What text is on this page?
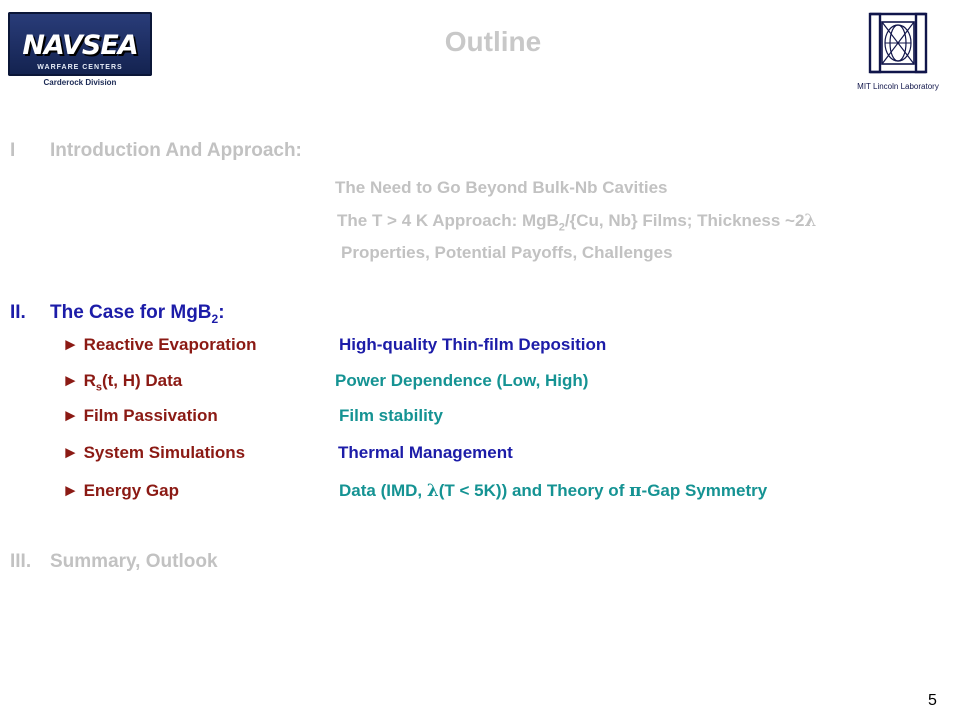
NAVSEA
WARFARE CENTERS
Carderock Division
Outline
MIT Lincoln Laboratory
I Introduction And Approach:
The Need to Go Beyond Bulk-Nb Cavities
The T > 4 K Approach: MgB$_2$/{Cu, Nb} Films; Thickness ~2λ
Properties, Potential Payoffs, Challenges
II. The Case for MgB$_2$:
► Reactive Evaporation	High-quality Thin-film Deposition
► $R_s(t$, H) Data	Power Dependence (Low, High)
► Film Passivation	Film stability
► System Simulations	Thermal Management
► Energy Gap	Data (IMD, λ(T < 5K)) and Theory of π-Gap Symmetry
III. Summary, Outlook
5
